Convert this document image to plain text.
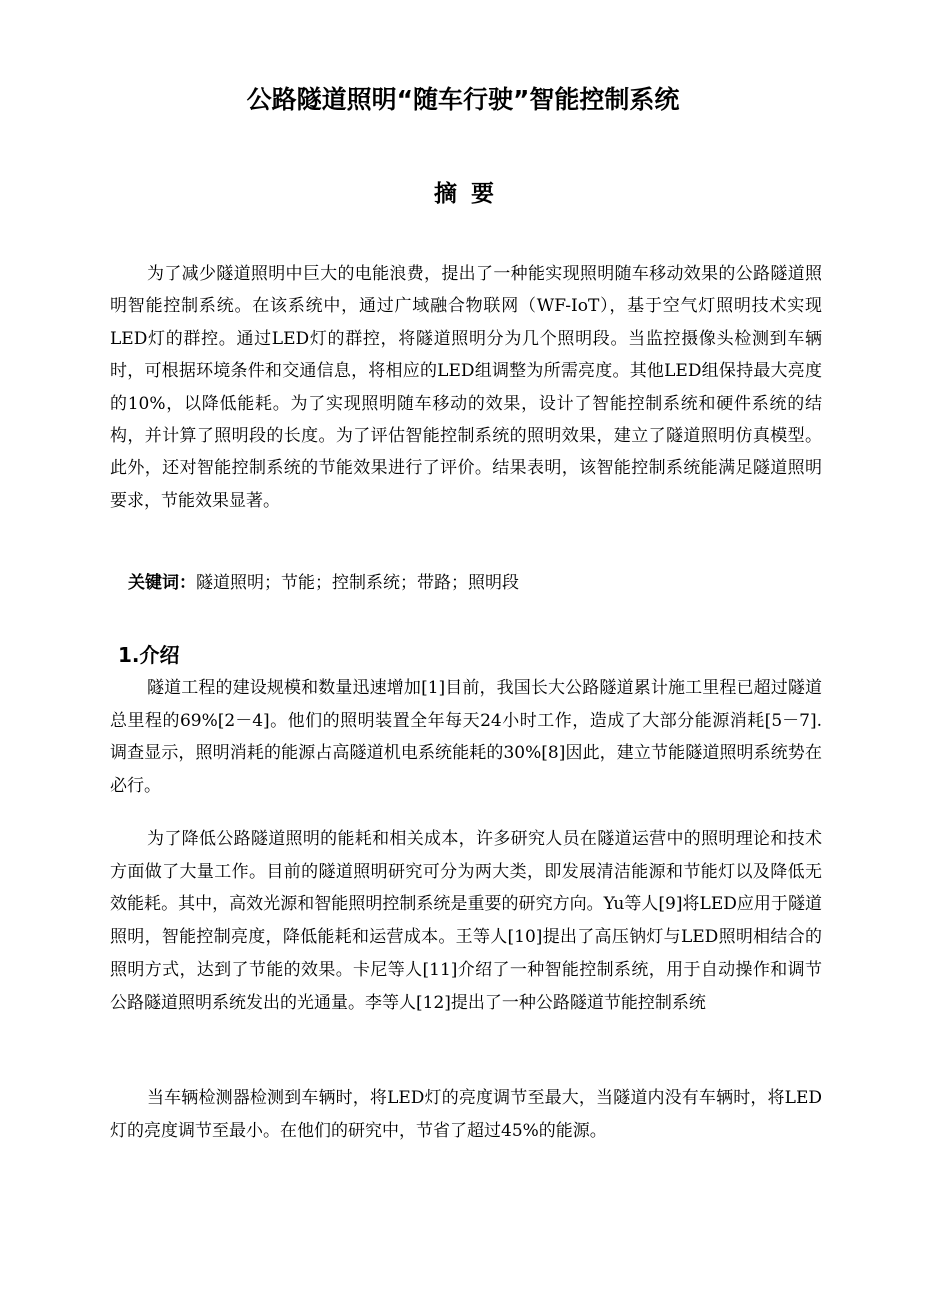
公路隧道照明“随车行驶”智能控制系统
摘要

为了减少隧道照明中巨大的电能浪费，提出了一种能实现照明随车移动效果的公路隧道照明智能控制系统。在该系统中，通过广域融合物联网（WF-IoT），基于空气灯照明技术实现LED灯的群控。通过LED灯的群控，将隧道照明分为几个照明段。当监控摄像头检测到车辆时，可根据环境条件和交通信息，将相应的LED组调整为所需亮度。其他LED组保持最大亮度的10%，以降低能耗。为了实现照明随车移动的效果，设计了智能控制系统和硬件系统的结构，并计算了照明段的长度。为了评估智能控制系统的照明效果，建立了隧道照明仿真模型。此外，还对智能控制系统的节能效果进行了评价。结果表明，该智能控制系统能满足隧道照明要求，节能效果显著。

关键词：隧道照明；节能；控制系统；带路；照明段

1.介绍

隧道工程的建设规模和数量迅速增加[1]目前，我国长大公路隧道累计施工里程已超过隧道总里程的69%[2－4]。他们的照明装置全年每天24小时工作，造成了大部分能源消耗[5－7].调查显示，照明消耗的能源占高隧道机电系统能耗的30%[8]因此，建立节能隧道照明系统势在必行。

为了降低公路隧道照明的能耗和相关成本，许多研究人员在隧道运营中的照明理论和技术方面做了大量工作。目前的隧道照明研究可分为两大类，即发展清洁能源和节能灯以及降低无效能耗。其中，高效光源和智能照明控制系统是重要的研究方向。Yu等人[9]将LED应用于隧道照明，智能控制亮度，降低能耗和运营成本。王等人[10]提出了高压钠灯与LED照明相结合的照明方式，达到了节能的效果。卡尼等人[11]介绍了一种智能控制系统，用于自动操作和调节公路隧道照明系统发出的光通量。李等人[12]提出了一种公路隧道节能控制系统

当车辆检测器检测到车辆时，将LED灯的亮度调节至最大，当隧道内没有车辆时，将LED灯的亮度调节至最小。在他们的研究中，节省了超过45%的能源。
